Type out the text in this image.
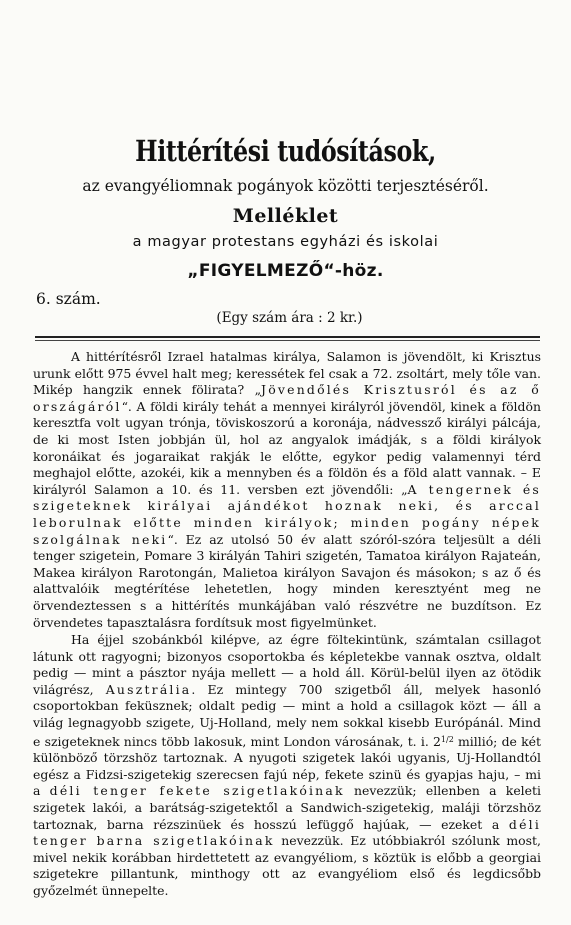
Hittérítési tudósítások,
az evangyéliomnak pogányok közötti terjesztéséről.
Melléklet
a magyar protestans egyházi és iskolai
„FIGYELMEZŐ“-höz.
6. szám.
(Egy szám ára : 2 kr.)

A hittérítésről Izrael hatalmas királya, Salamon is jövendölt, ki Krisztus urunk előtt 975 évvel halt meg; keressétek fel csak a 72. zsoltárt, mely tőle van. Mikép hangzik ennek fölirata? „Jövendőlés Krisztusról és az ő országáról“. A földi király tehát a mennyei királyról jövendöl, kinek a földön keresztfa volt ugyan trónja, töviskoszorú a koronája, nádvessző királyi pálcája, de ki most Isten jobbján ül, hol az angyalok imádják, s a földi királyok koronáikat és jogaraikat rakják le előtte, egykor pedig valamennyi térd meghajol előtte, azokéi, kik a mennyben és a földön és a föld alatt vannak. – E királyról Salamon a 10. és 11. versben ezt jövendőli: „A tengernek és szigeteknek királyai ajándékot hoznak neki, és arccal leborulnak előtte minden királyok; minden pogány népek szolgálnak neki“. Ez az utolsó 50 év alatt szóról-szóra teljesült a déli tenger szigetein, Pomare 3 királyán Tahiri szigetén, Tamatoa királyon Rajateán, Makea királyon Rarotongán, Malietoa királyon Savajon és másokon; s az ő és alattvalóik megtérítése lehetetlen, hogy minden keresztyént meg ne örvendeztessen s a hittérítés munkájában való részvétre ne buzdítson. Ez örvendetes tapasztalásra fordítsuk most figyelmünket.

Ha éjjel szobánkból kilépve, az égre föltekintünk, számtalan csillagot látunk ott ragyogni; bizonyos csoportokba és képletekbe vannak osztva, oldalt pedig — mint a pásztor nyája mellett — a hold áll. Körül-belül ilyen az ötödik világrész, Ausztrália. Ez mintegy 700 szigetből áll, melyek hasonló csoportokban feküsznek; oldalt pedig — mint a hold a csillagok közt — áll a világ legnagyobb szigete, Uj-Holland, mely nem sokkal kisebb Európánál. Mind e szigeteknek nincs több lakosuk, mint London városának, t. i. $2^{1/2}$ millió; de két különböző törzshöz tartoznak. A nyugoti szigetek lakói ugyanis, Uj-Hollandtól egész a Fidzsi-szigetekig szerecsen fajú nép, fekete szinü és gyapjas haju, – mi a déli tenger fekete szigetlakóinak nevezzük; ellenben a keleti szigetek lakói, a barátság-szigetektől a Sandwich-szigetekig, maláji törzshöz tartoznak, barna rézszinüek és hosszú lefüggő hajúak, — ezeket a déli tenger barna szigetlakóinak nevezzük. Ez utóbbiakról szólunk most, mivel nekik korábban hirdettetett az evangyéliom, s köztük is előbb a georgiai szigetekre pillantunk, minthogy ott az evangyéliom első és legdicsőbb győzelmét ünnepelte.
